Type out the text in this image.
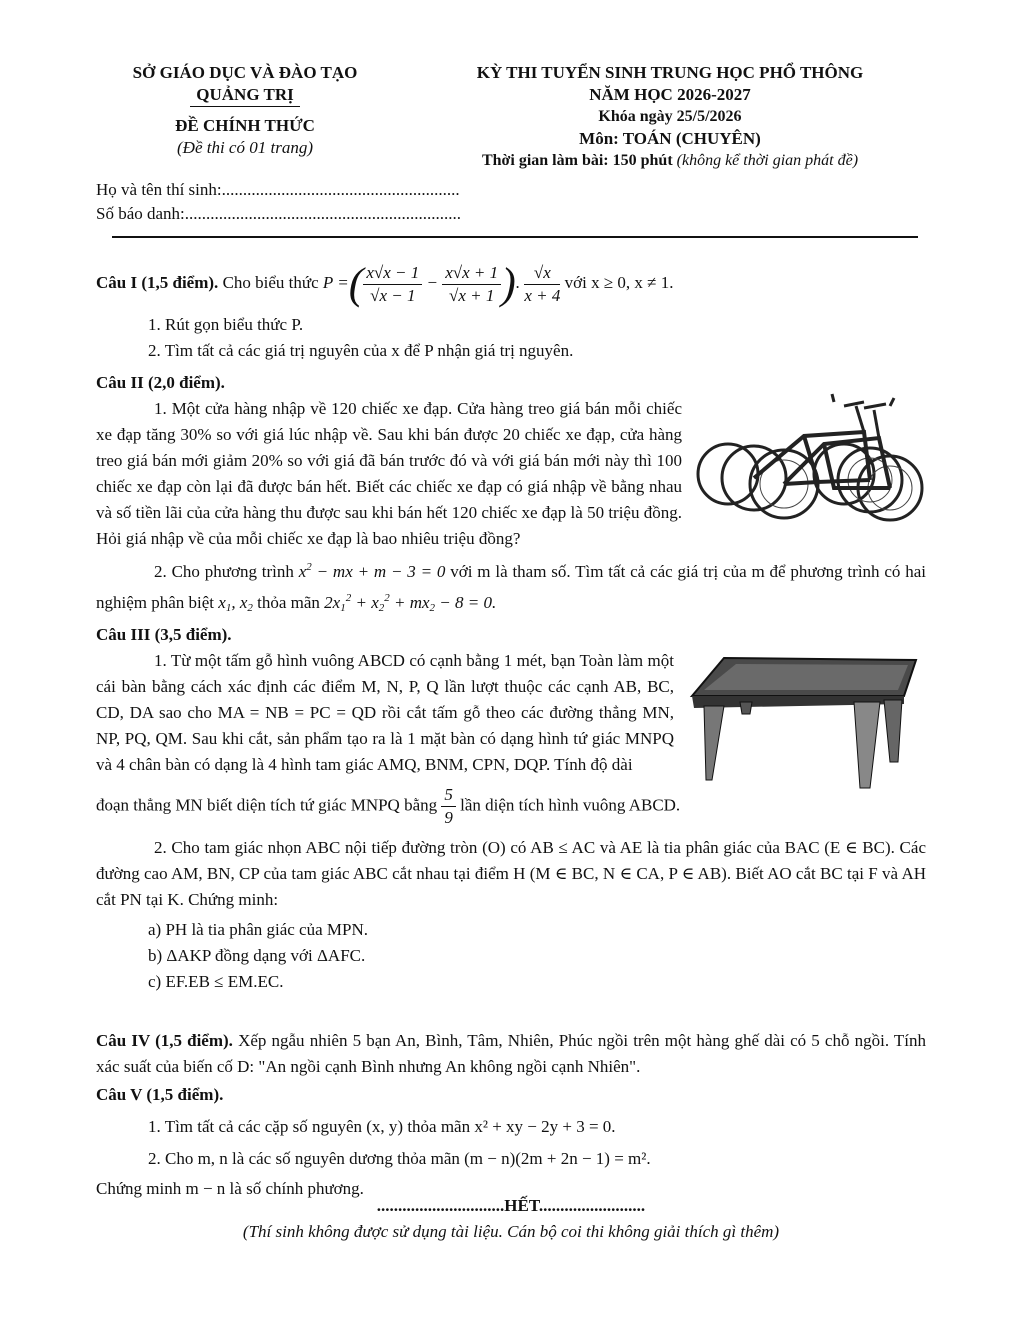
SỞ GIÁO DỤC VÀ ĐÀO TẠO
QUẢNG TRỊ
ĐỀ CHÍNH THỨC
(Đề thi có 01 trang)
KỲ THI TUYỂN SINH TRUNG HỌC PHỔ THÔNG
NĂM HỌC 2026-2027
Khóa ngày 25/5/2026
Môn: TOÁN (CHUYÊN)
Thời gian làm bài: 150 phút (không kể thời gian phát đề)
Họ và tên thí sinh:........................................................
Số báo danh:.................................................................
Câu I (1,5 điểm). Cho biểu thức P =( $\frac{x√x - 1}{√x - 1} - \frac{x√x + 1}{√x + 1}$ ). $\frac{√x}{x + 4}$ với x ≥ 0, x ≠ 1.
1. Rút gọn biểu thức P.
2. Tìm tất cả các giá trị nguyên của x để P nhận giá trị nguyên.
Câu II (2,0 điểm).
1. Một cửa hàng nhập về 120 chiếc xe đạp. Cửa hàng treo giá bán mỗi chiếc xe đạp tăng 30% so với giá lúc nhập về. Sau khi bán được 20 chiếc xe đạp, cửa hàng treo giá bán mới giảm 20% so với giá đã bán trước đó và với giá bán mới này thì 100 chiếc xe đạp còn lại đã được bán hết. Biết các chiếc xe đạp có giá nhập về bằng nhau và số tiền lãi của cửa hàng thu được sau khi bán hết 120 chiếc xe đạp là 50 triệu đồng. Hỏi giá nhập về của mỗi chiếc xe đạp là bao nhiêu triệu đồng?
2. Cho phương trình $x^2$ − mx + m − 3 = 0 với m là tham số. Tìm tất cả các giá trị của m để phương trình có hai nghiệm phân biệt $x_1$, $x_2$ thỏa mãn $2x_1^2 + x_2^2 + mx_2 - 8 = 0$.
Câu III (3,5 điểm).
1. Từ một tấm gỗ hình vuông ABCD có cạnh bằng 1 mét, bạn Toàn làm một cái bàn bằng cách xác định các điểm M, N, P, Q lần lượt thuộc các cạnh AB, BC, CD, DA sao cho MA = NB = PC = QD rồi cắt tấm gỗ theo các đường thẳng MN, NP, PQ, QM. Sau khi cắt, sản phẩm tạo ra là 1 mặt bàn có dạng hình tứ giác MNPQ và 4 chân bàn có dạng là 4 hình tam giác AMQ, BNM, CPN, DQP. Tính độ dài
đoạn thẳng MN biết diện tích tứ giác MNPQ bằng $\frac{5}{9}$ lần diện tích hình vuông ABCD.
2. Cho tam giác nhọn ABC nội tiếp đường tròn (O) có AB ≤ AC và AE là tia phân giác của BAC (E ∈ BC). Các đường cao AM, BN, CP của tam giác ABC cắt nhau tại điểm H (M ∈ BC, N ∈ CA, P ∈ AB). Biết AO cắt BC tại F và AH cắt PN tại K. Chứng minh:
a) PH là tia phân giác của MPN.
b) ΔAKP đồng dạng với ΔAFC.
c) EF.EB ≤ EM.EC.
Câu IV (1,5 điểm). Xếp ngẫu nhiên 5 bạn An, Bình, Tâm, Nhiên, Phúc ngồi trên một hàng ghế dài có 5 chỗ ngồi. Tính xác suất của biến cố D: "An ngồi cạnh Bình nhưng An không ngồi cạnh Nhiên".
Câu V (1,5 điểm).
1. Tìm tất cả các cặp số nguyên (x, y) thỏa mãn x² + xy − 2y + 3 = 0.
2. Cho m, n là các số nguyên dương thỏa mãn (m − n)(2m + 2n − 1) = m².
Chứng minh m − n là số chính phương.
..............................HẾT.........................
(Thí sinh không được sử dụng tài liệu. Cán bộ coi thi không giải thích gì thêm)
